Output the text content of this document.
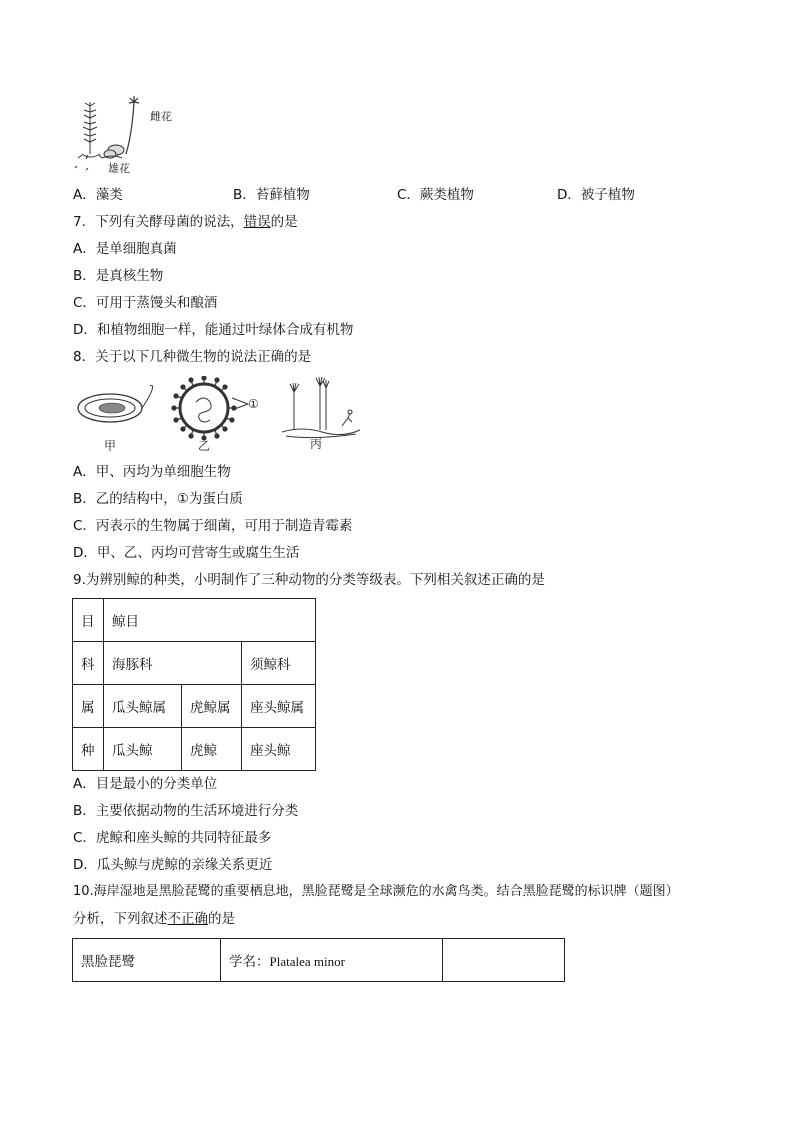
雌花
雄花
A．藻类	B．苔藓植物	C．蕨类植物	D．被子植物
7．下列有关酵母菌的说法，错误的是
A．是单细胞真菌
B．是真核生物
C．可用于蒸馒头和酿酒
D．和植物细胞一样，能通过叶绿体合成有机物
8．关于以下几种微生物的说法正确的是
甲
①
乙	丙
A．甲、丙均为单细胞生物
B．乙的结构中，①为蛋白质
C．丙表示的生物属于细菌，可用于制造青霉素
D．甲、乙、丙均可营寄生或腐生生活
9.为辨别鲸的种类，小明制作了三种动物的分类等级表。下列相关叙述正确的是
目	鲸目		
科	海豚科		须鲸科
属	瓜头鲸属	虎鲸属	座头鲸属
种	瓜头鲸	虎鲸	座头鲸
A．目是最小的分类单位
B．主要依据动物的生活环境进行分类
C．虎鲸和座头鲸的共同特征最多
D．瓜头鲸与虎鲸的亲缘关系更近
10.海岸湿地是黑脸琵鹭的重要栖息地，黑脸琵鹭是全球濒危的水禽鸟类。结合黑脸琵鹭的标识牌（题图）
分析，下列叙述不正确的是
黑脸琵鹭	学名：Platalea minor	
